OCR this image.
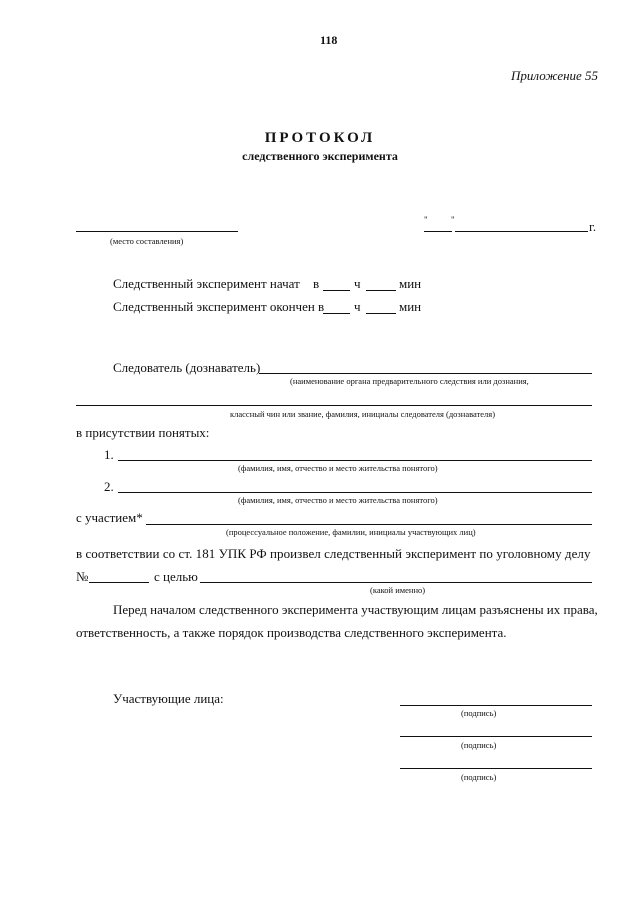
118
Приложение 55
ПРОТОКОЛ
следственного эксперимента
(место составления)
"	"	г.
Следственный эксперимент начат в	ч	мин
Следственный эксперимент окончен в ч	мин
Следователь (дознаватель)
(наименование органа предварительного следствия или дознания,
классный чин или звание, фамилия, инициалы следователя (дознавателя)
в присутствии понятых:
1.
(фамилия, имя, отчество и место жительства понятого)
2.
(фамилия, имя, отчество и место жительства понятого)
с участием*
(процессуальное положение, фамилии, инициалы участвующих лиц)
в соответствии со ст. 181 УПК РФ произвел следственный эксперимент по уголовному делу
№	с целью
(какой именно)
Перед началом следственного эксперимента участвующим лицам разъяснены их права,
ответственность, а также порядок производства следственного эксперимента.
Участвующие лица:
(подпись)
(подпись)
(подпись)
